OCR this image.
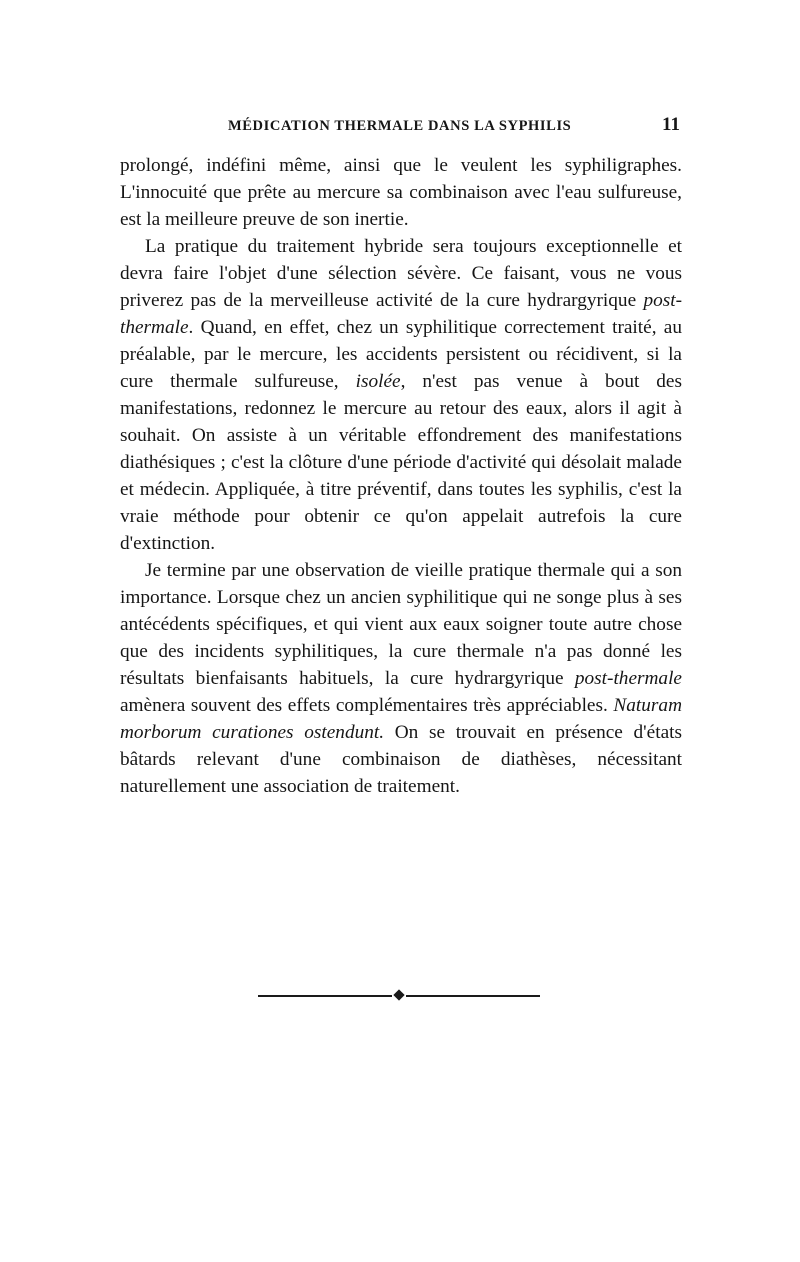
MÉDICATION THERMALE DANS LA SYPHILIS	11

prolongé, indéfini même, ainsi que le veulent les syphiligraphes. L'innocuité que prête au mercure sa combinaison avec l'eau sulfureuse, est la meilleure preuve de son inertie.

La pratique du traitement hybride sera toujours exceptionnelle et devra faire l'objet d'une sélection sévère. Ce faisant, vous ne vous priverez pas de la merveilleuse activité de la cure hydrargyrique post-thermale. Quand, en effet, chez un syphilitique correctement traité, au préalable, par le mercure, les accidents persistent ou récidivent, si la cure thermale sulfureuse, isolée, n'est pas venue à bout des manifestations, redonnez le mercure au retour des eaux, alors il agit à souhait. On assiste à un véritable effondrement des manifestations diathésiques ; c'est la clôture d'une période d'activité qui désolait malade et médecin. Appliquée, à titre préventif, dans toutes les syphilis, c'est la vraie méthode pour obtenir ce qu'on appelait autrefois la cure d'extinction.

Je termine par une observation de vieille pratique thermale qui a son importance. Lorsque chez un ancien syphilitique qui ne songe plus à ses antécédents spécifiques, et qui vient aux eaux soigner toute autre chose que des incidents syphilitiques, la cure thermale n'a pas donné les résultats bienfaisants habituels, la cure hydrargyrique post-thermale amènera souvent des effets complémentaires très appréciables. Naturam morborum curationes ostendunt. On se trouvait en présence d'états bâtards relevant d'une combinaison de diathèses, nécessitant naturellement une association de traitement.
